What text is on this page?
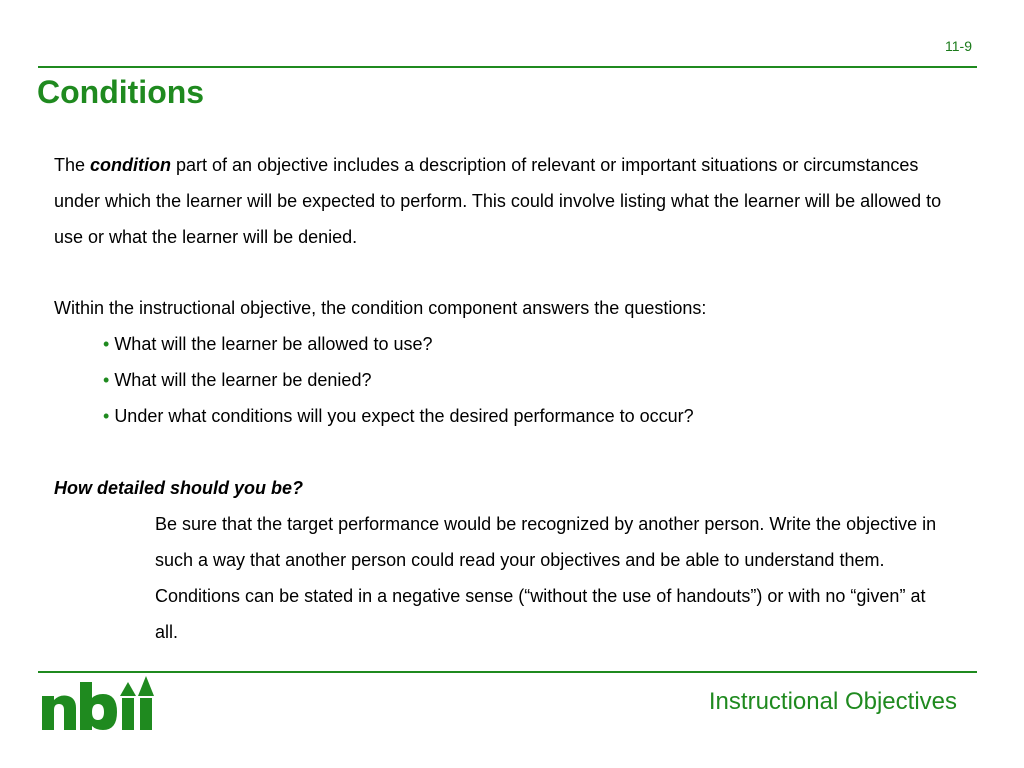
11-9
Conditions
The condition part of an objective includes a description of relevant or important situations or circumstances under which the learner will be expected to perform. This could involve listing what the learner will be allowed to use or what the learner will be denied.
Within the instructional objective, the condition component answers the questions:
• What will the learner be allowed to use?
• What will the learner be denied?
• Under what conditions will you expect the desired performance to occur?
How detailed should you be?
Be sure that the target performance would be recognized by another person. Write the objective in such a way that another person could read your objectives and be able to understand them. Conditions can be stated in a negative sense (“without the use of handouts”) or with no “given” at all.
Instructional Objectives
